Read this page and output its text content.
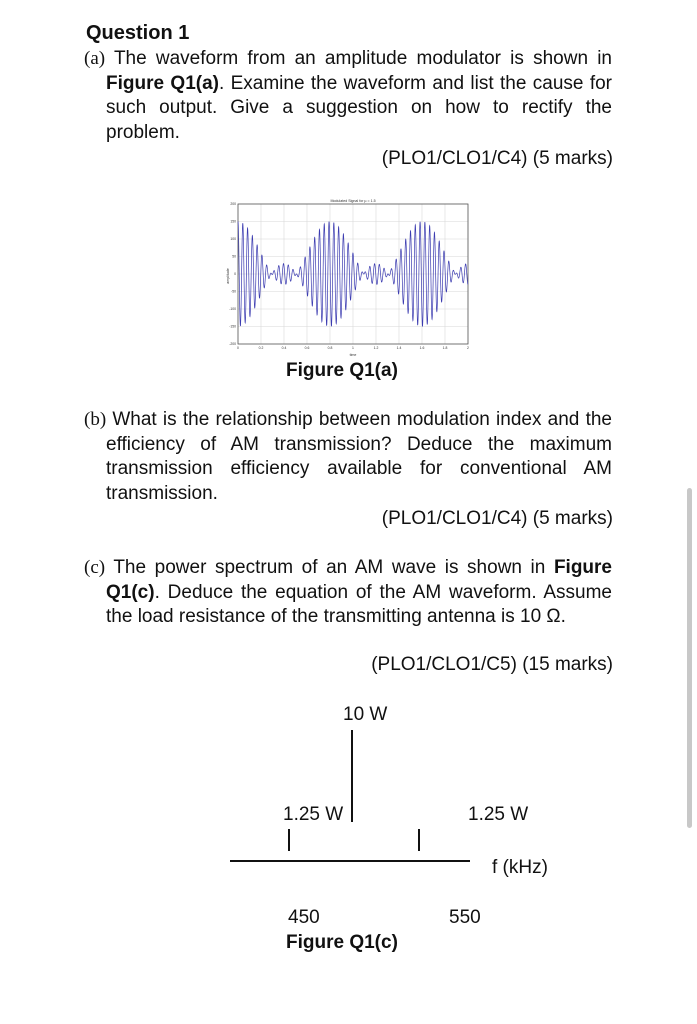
Question 1
(a) The waveform from an amplitude modulator is shown in Figure Q1(a). Examine the waveform and list the cause for such output. Give a suggestion on how to rectify the problem.
(PLO1/CLO1/C4) (5 marks)
Modulated Signal for µ = 1.5
0	0.2	0.4	0.6	0.8	1	1.2	1.4	1.6	1.8	2
200
150
100
50
0
-50
-100
-150
-200
time
amplitude
Figure Q1(a)
(b) What is the relationship between modulation index and the efficiency of AM transmission? Deduce the maximum transmission efficiency available for conventional AM transmission.
(PLO1/CLO1/C4) (5 marks)
(c) The power spectrum of an AM wave is shown in Figure Q1(c). Deduce the equation of the AM waveform. Assume the load resistance of the transmitting antenna is 10 Ω.
(PLO1/CLO1/C5) (15 marks)
10 W
1.25 W	1.25 W
f (kHz)
450	550
Figure Q1(c)
